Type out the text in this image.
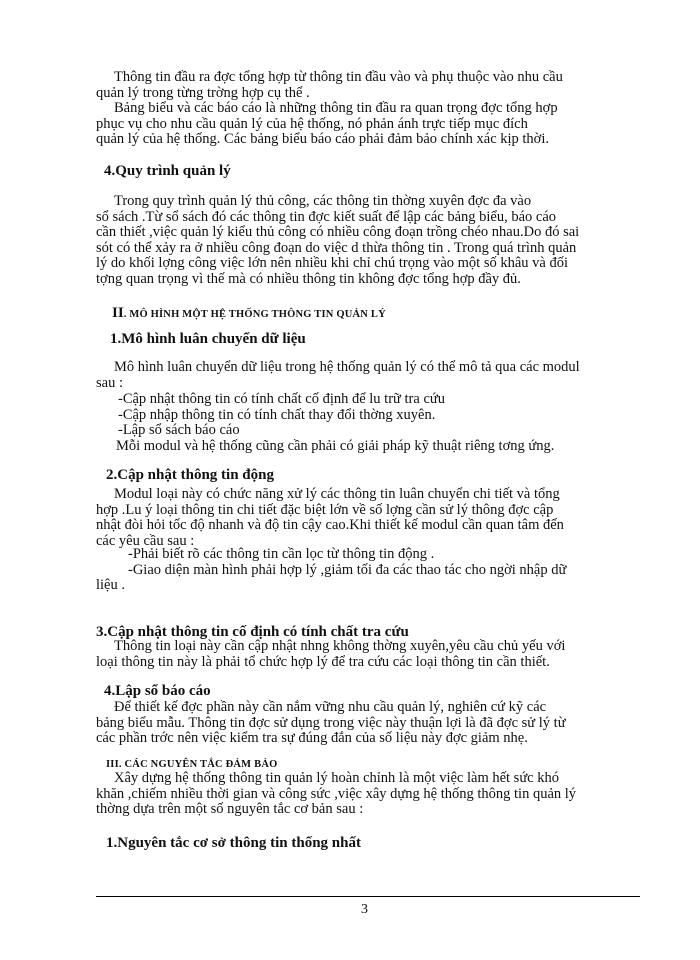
Thông tin đầu ra đợc tổng hợp từ thông tin đầu vào và phụ thuộc vào nhu cầu
quản lý trong từng trờng hợp cụ thể .
Bảng biểu và các báo cáo là những thông tin đầu ra quan trọng đợc tổng hợp
phục vụ cho nhu cầu quản lý của hệ thống, nó phản ánh trực tiếp mục đích
quản lý của hệ thống. Các bảng biểu báo cáo phải đảm bảo chính xác kịp thời.
4.Quy trình quản lý
Trong quy trình quản lý thủ công, các thông tin thờng xuyên đợc đa vào
sổ sách .Từ sổ sách đó các thông tin đợc kiết suất để lập các bảng biểu, báo cáo
cần thiết ,việc quản lý kiểu thủ công có nhiều công đoạn trồng chéo nhau.Do đó sai
sót có thể xảy ra ở nhiều công đoạn do việc d thừa thông tin . Trong quá trình quản
lý do khối lợng công việc lớn nên nhiều khi chỉ chú trọng vào một số khâu và đối
tợng quan trọng vì thế mà có nhiều thông tin không đợc tổng hợp đầy đủ.
II. MÔ HÌNH MỘT HỆ THỐNG THÔNG TIN QUẢN LÝ
1.Mô hình luân chuyển dữ liệu
Mô hình luân chuyển dữ liệu trong hệ thống quản lý có thể mô tả qua các modul
sau :
-Cập nhật thông tin có tính chất cố định để lu trữ tra cứu
-Cập nhập thông tin có tính chất thay đổi thờng xuyên.
-Lập sổ sách báo cáo
Mỗi modul và hệ thống cũng cần phải có giải pháp kỹ thuật riêng tơng ứng.
2.Cập nhật thông tin động
Modul loại này có chức năng xử lý các thông tin luân chuyển chi tiết và tổng
hợp .Lu ý loại thông tin chi tiết đặc biệt lớn về số lợng cần sử lý thông đợc cập
nhật đòi hỏi tốc độ nhanh và độ tin cậy cao.Khi thiết kế modul cần quan tâm đến
các yêu cầu sau :
-Phải biết rõ các thông tin cần lọc từ thông tin động .
-Giao diện màn hình phải hợp lý ,giảm tối đa các thao tác cho ngời nhập dữ
liệu .
3.Cập nhật thông tin cố định có tính chất tra cứu
Thông tin loại này cần cập nhật nhng không thờng xuyên,yêu cầu chủ yếu với
loại thông tin này là phải tổ chức hợp lý để tra cứu các loại thông tin cần thiết.
4.Lập sổ báo cáo
Để thiết kế đợc phần này cần nắm vững nhu cầu quản lý, nghiên cứ kỹ các
bảng biểu mẫu. Thông tin đợc sử dụng trong việc này thuận lợi là đã đợc sử lý từ
các phần trớc nên việc kiểm tra sự đúng đắn của số liệu này đợc giảm nhẹ.
III. CÁC NGUYÊN TẮC ĐẢM BẢO
Xây dựng hệ thống thông tin quản lý hoàn chỉnh là một việc làm hết sức khó
khăn ,chiếm nhiều thời gian và công sức ,việc xây dựng hệ thống thông tin quản lý
thờng dựa trên một số nguyên tắc cơ bản sau :
1.Nguyên tắc cơ sở thông tin thống nhất
3
